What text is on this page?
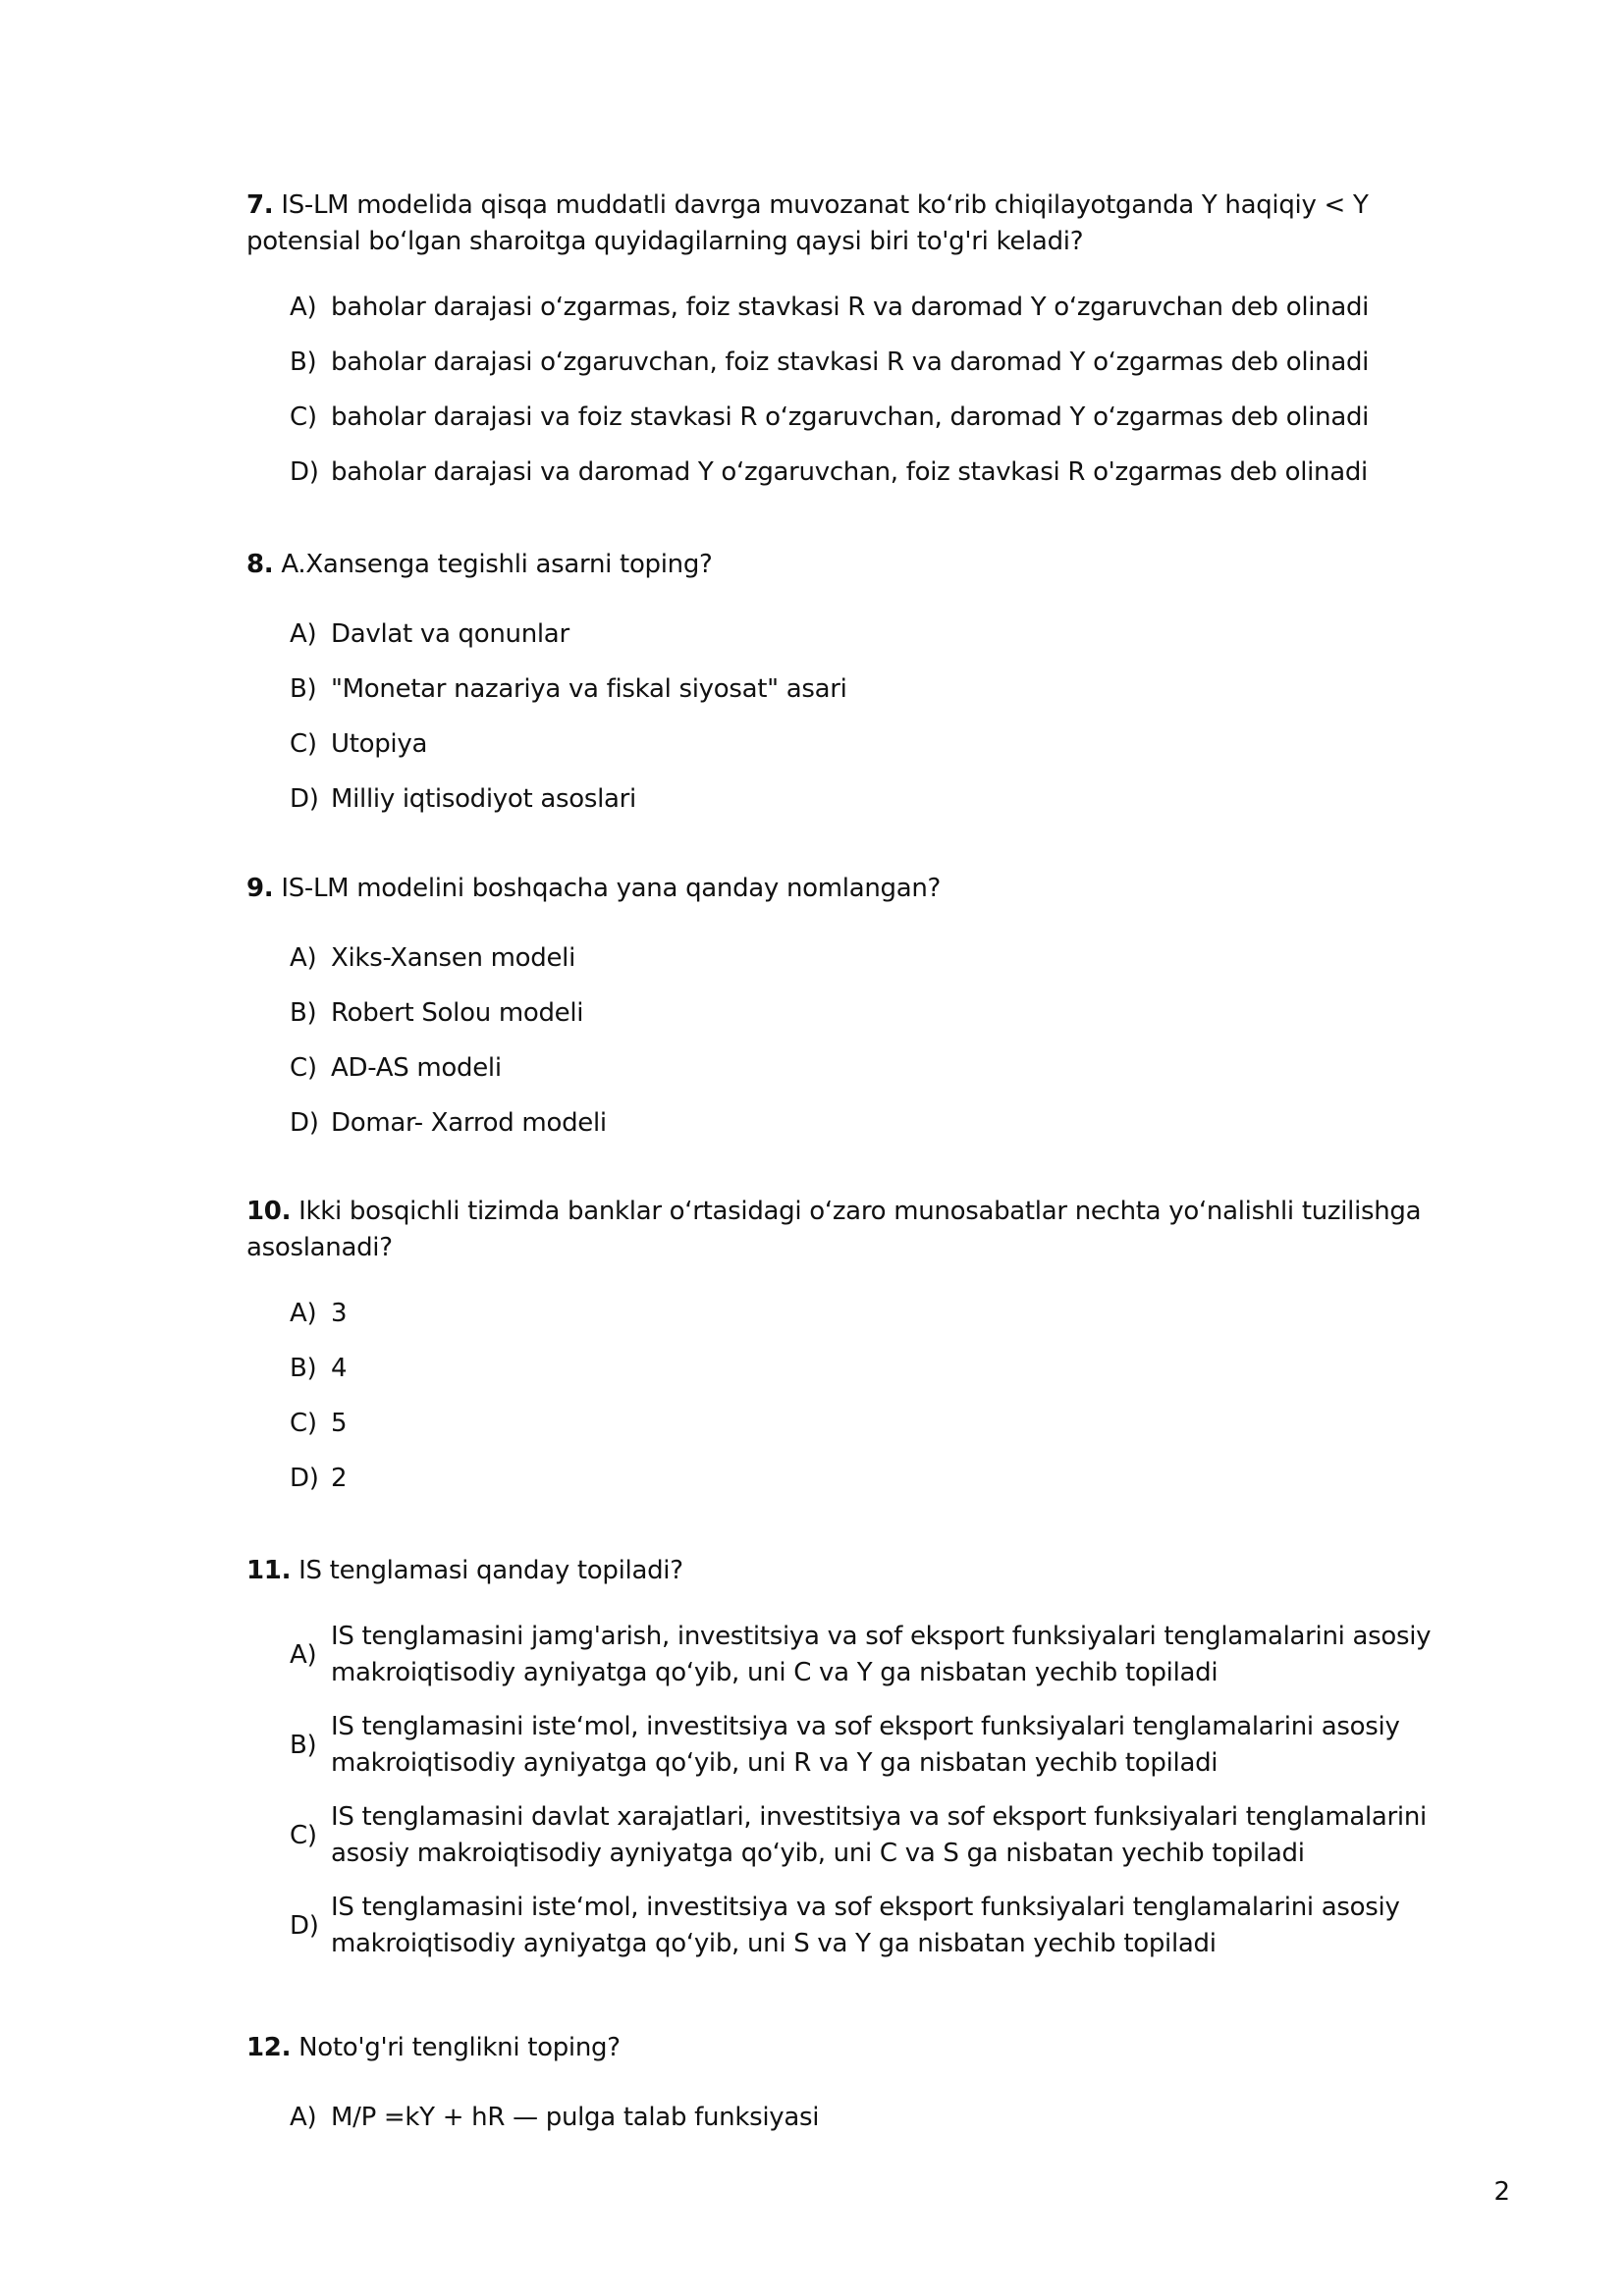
7. IS-LM modelida qisqa muddatli davrga muvozanat ko‘rib chiqilayotganda Y haqiqiy < Y potensial bo‘lgan sharoitga quyidagilarning qaysi biri to'g'ri keladi?

A) baholar darajasi o‘zgarmas, foiz stavkasi R va daromad Y o‘zgaruvchan deb olinadi
B) baholar darajasi o‘zgaruvchan, foiz stavkasi R va daromad Y o‘zgarmas deb olinadi
C) baholar darajasi va foiz stavkasi R o‘zgaruvchan, daromad Y o‘zgarmas deb olinadi
D) baholar darajasi va daromad Y o‘zgaruvchan, foiz stavkasi R o'zgarmas deb olinadi

8. A.Xansenga tegishli asarni toping?

A) Davlat va qonunlar
B) "Monetar nazariya va fiskal siyosat" asari
C) Utopiya
D) Milliy iqtisodiyot asoslari

9. IS-LM modelini boshqacha yana qanday nomlangan?

A) Xiks-Xansen modeli
B) Robert Solou modeli
C) AD-AS modeli
D) Domar- Xarrod modeli

10. Ikki bosqichli tizimda banklar o‘rtasidagi o‘zaro munosabatlar nechta yo‘nalishli tuzilishga asoslanadi?

A) 3
B) 4
C) 5
D) 2

11. IS tenglamasi qanday topiladi?

A)
IS tenglamasini jamg'arish, investitsiya va sof eksport funksiyalari tenglamalarini asosiy makroiqtisodiy ayniyatga qo‘yib, uni C va Y ga nisbatan yechib topiladi
B)
IS tenglamasini iste‘mol, investitsiya va sof eksport funksiyalari tenglamalarini asosiy makroiqtisodiy ayniyatga qo‘yib, uni R va Y ga nisbatan yechib topiladi
C)
IS tenglamasini davlat xarajatlari, investitsiya va sof eksport funksiyalari tenglamalarini asosiy makroiqtisodiy ayniyatga qo‘yib, uni C va S ga nisbatan yechib topiladi
D)
IS tenglamasini iste‘mol, investitsiya va sof eksport funksiyalari tenglamalarini asosiy makroiqtisodiy ayniyatga qo‘yib, uni S va Y ga nisbatan yechib topiladi

12. Noto'g'ri tenglikni toping?

A) M/P =kY + hR — pulga talab funksiyasi
2
